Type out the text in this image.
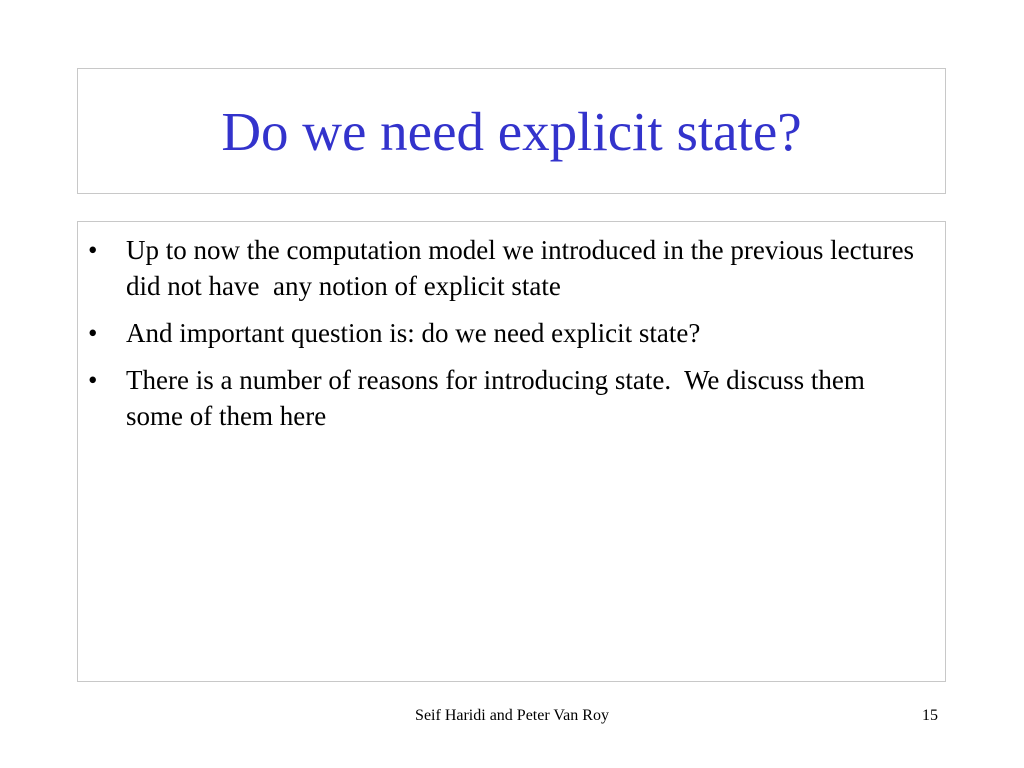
Do we need explicit state?
•	Up to now the computation model we introduced in the previous lectures did not have  any notion of explicit state
•	And important question is: do we need explicit state?
•	There is a number of reasons for introducing state.  We discuss them some of them here
Seif Haridi and Peter Van Roy	15
